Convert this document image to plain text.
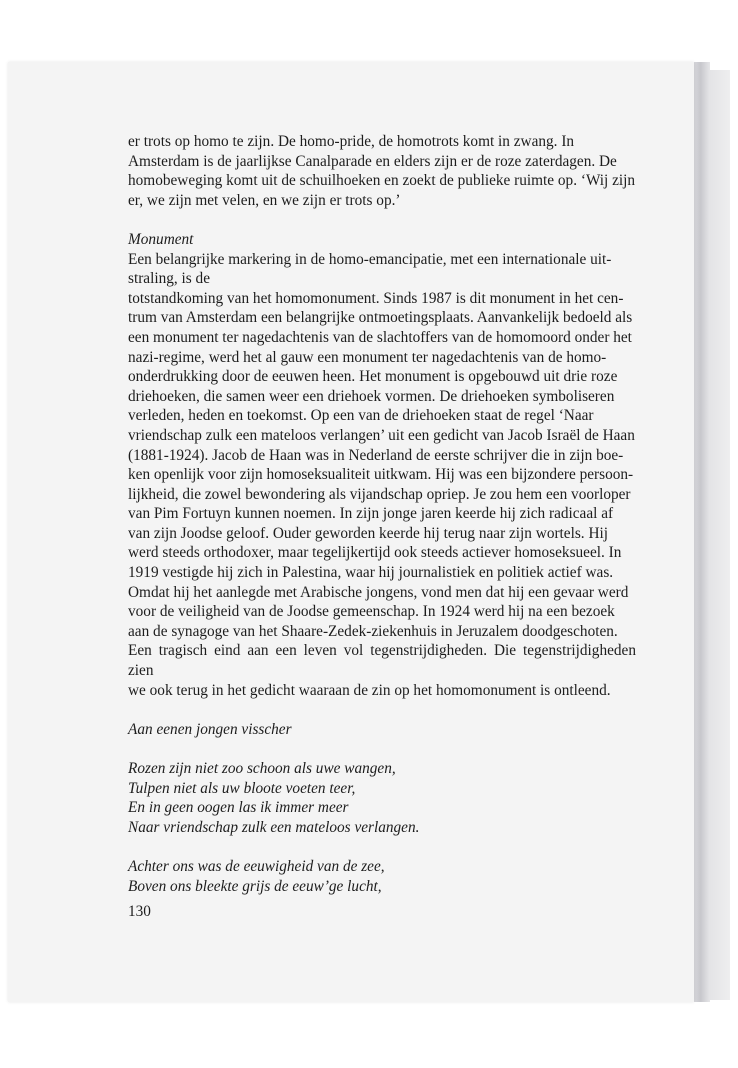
er trots op homo te zijn. De homo-pride, de homotrots komt in zwang. In

Amsterdam is de jaarlijkse Canalparade en elders zijn er de roze zaterdagen. De

homobeweging komt uit de schuilhoeken en zoekt de publieke ruimte op. ‘Wij zijn

er, we zijn met velen, en we zijn er trots op.’

Monument

Een belangrijke markering in de homo-emancipatie, met een internationale uit-

straling, is de

totstandkoming van het homomonument. Sinds 1987 is dit monument in het cen-

trum van Amsterdam een belangrijke ontmoetingsplaats. Aanvankelijk bedoeld als

een monument ter nagedachtenis van de slachtoffers van de homomoord onder het

nazi-regime, werd het al gauw een monument ter nagedachtenis van de homo-

onderdrukking door de eeuwen heen. Het monument is opgebouwd uit drie roze

driehoeken, die samen weer een driehoek vormen. De driehoeken symboliseren

verleden, heden en toekomst. Op een van de driehoeken staat de regel ‘Naar

vriendschap zulk een mateloos verlangen’ uit een gedicht van Jacob Israël de Haan

(1881-1924). Jacob de Haan was in Nederland de eerste schrijver die in zijn boe-

ken openlijk voor zijn homoseksualiteit uitkwam. Hij was een bijzondere persoon-

lijkheid, die zowel bewondering als vijandschap opriep. Je zou hem een voorloper

van Pim Fortuyn kunnen noemen. In zijn jonge jaren keerde hij zich radicaal af

van zijn Joodse geloof. Ouder geworden keerde hij terug naar zijn wortels. Hij

werd steeds orthodoxer, maar tegelijkertijd ook steeds actiever homoseksueel. In

1919 vestigde hij zich in Palestina, waar hij journalistiek en politiek actief was.

Omdat hij het aanlegde met Arabische jongens, vond men dat hij een gevaar werd

voor de veiligheid van de Joodse gemeenschap. In 1924 werd hij na een bezoek

aan de synagoge van het Shaare-Zedek-ziekenhuis in Jeruzalem doodgeschoten.

Een tragisch eind aan een leven vol tegenstrijdigheden. Die tegenstrijdigheden zien

we ook terug in het gedicht waaraan de zin op het homomonument is ontleend.

Aan eenen jongen visscher

Rozen zijn niet zoo schoon als uwe wangen,
Tulpen niet als uw bloote voeten teer,
En in geen oogen las ik immer meer
Naar vriendschap zulk een mateloos verlangen.
Achter ons was de eeuwigheid van de zee,
Boven ons bleekte grijs de eeuw’ge lucht,
130
